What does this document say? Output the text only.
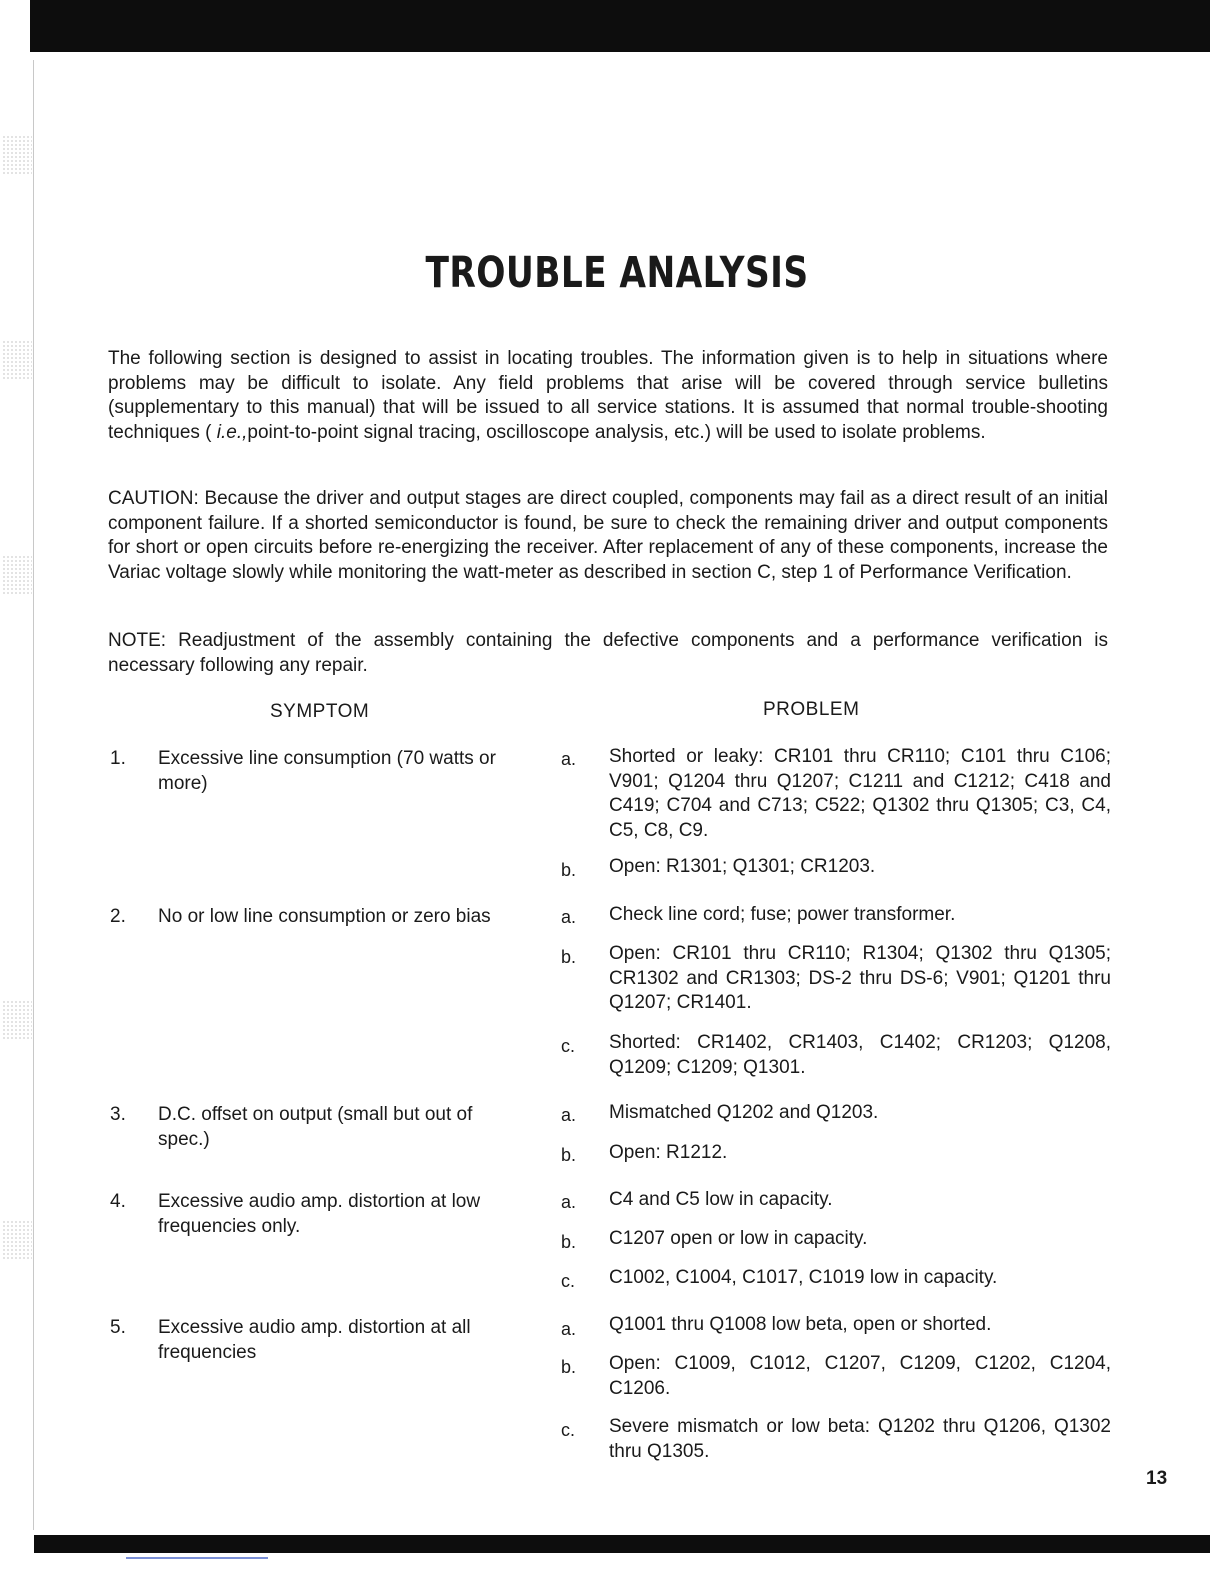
TROUBLE ANALYSIS

The following section is designed to assist in locating troubles. The information given is to help in situations where problems may be difficult to isolate. Any field problems that arise will be covered through service bulletins (supplementary to this manual) that will be issued to all service stations. It is assumed that normal trouble-shooting techniques ( i.e.,point-to-point signal tracing, oscilloscope analysis, etc.) will be used to isolate problems.

CAUTION: Because the driver and output stages are direct coupled, components may fail as a direct result of an initial component failure. If a shorted semiconductor is found, be sure to check the remaining driver and output components for short or open circuits before re-energizing the receiver. After replacement of any of these components, increase the Variac voltage slowly while monitoring the watt-meter as described in section C, step 1 of Performance Verification.

NOTE: Readjustment of the assembly containing the defective components and a performance verification is necessary following any repair.

SYMPTOM	PROBLEM
1. Excessive line consumption (70 watts or more)
a. Shorted or leaky: CR101 thru CR110; C101 thru C106; V901; Q1204 thru Q1207; C1211 and C1212; C418 and C419; C704 and C713; C522; Q1302 thru Q1305; C3, C4, C5, C8, C9.
b. Open: R1301; Q1301; CR1203.
2. No or low line consumption or zero bias	a. Check line cord; fuse; power transformer.
b. Open: CR101 thru CR110; R1304; Q1302 thru Q1305; CR1302 and CR1303; DS-2 thru DS-6; V901; Q1201 thru Q1207; CR1401.
c. Shorted: CR1402, CR1403, C1402; CR1203; Q1208, Q1209; C1209; Q1301.
3. D.C. offset on output (small but out of spec.)
a. Mismatched Q1202 and Q1203.
b. Open: R1212.
4. Excessive audio amp. distortion at low frequencies only.
a. C4 and C5 low in capacity.
b. C1207 open or low in capacity.
c. C1002, C1004, C1017, C1019 low in capacity.
5. Excessive audio amp. distortion at all frequencies
a. Q1001 thru Q1008 low beta, open or shorted.
b. Open: C1009, C1012, C1207, C1209, C1202, C1204, C1206.
c. Severe mismatch or low beta: Q1202 thru Q1206, Q1302 thru Q1305.
13
